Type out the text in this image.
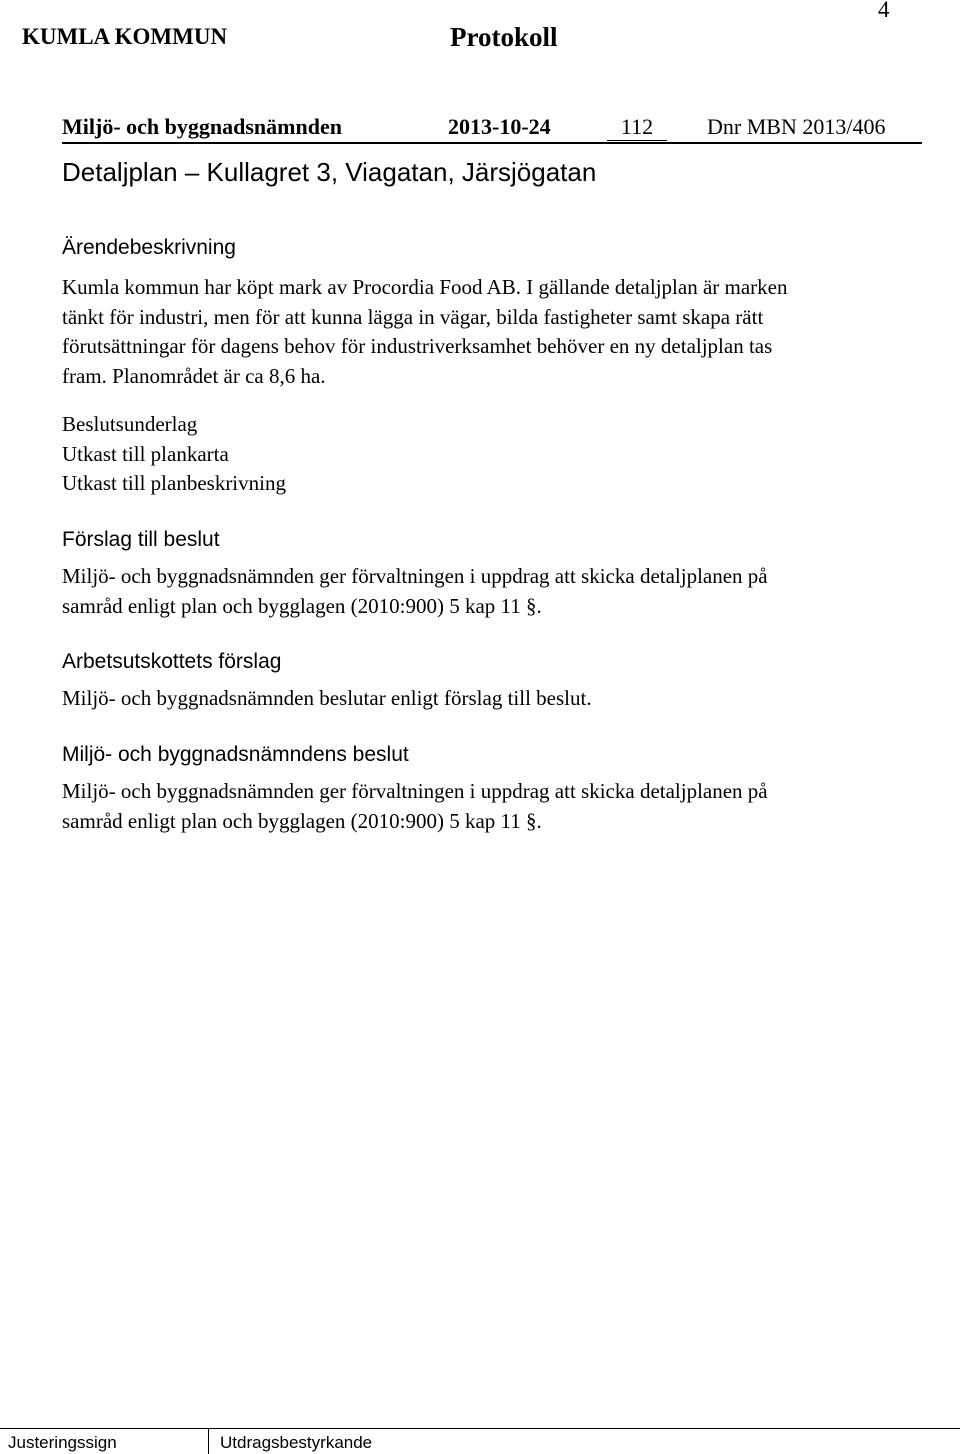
KUMLA KOMMUN	Protokoll
4
Miljö- och byggnadsnämnden	2013-10-24	112	Dnr MBN 2013/406
Detaljplan – Kullagret 3, Viagatan, Järsjögatan
Ärendebeskrivning
Kumla kommun har köpt mark av Procordia Food AB. I gällande detaljplan är marken
tänkt för industri, men för att kunna lägga in vägar, bilda fastigheter samt skapa rätt
förutsättningar för dagens behov för industriverksamhet behöver en ny detaljplan tas
fram. Planområdet är ca 8,6 ha.
Beslutsunderlag
Utkast till plankarta
Utkast till planbeskrivning
Förslag till beslut
Miljö- och byggnadsnämnden ger förvaltningen i uppdrag att skicka detaljplanen på
samråd enligt plan och bygglagen (2010:900) 5 kap 11 §.
Arbetsutskottets förslag
Miljö- och byggnadsnämnden beslutar enligt förslag till beslut.
Miljö- och byggnadsnämndens beslut
Miljö- och byggnadsnämnden ger förvaltningen i uppdrag att skicka detaljplanen på
samråd enligt plan och bygglagen (2010:900) 5 kap 11 §.
Justeringssign	Utdragsbestyrkande
